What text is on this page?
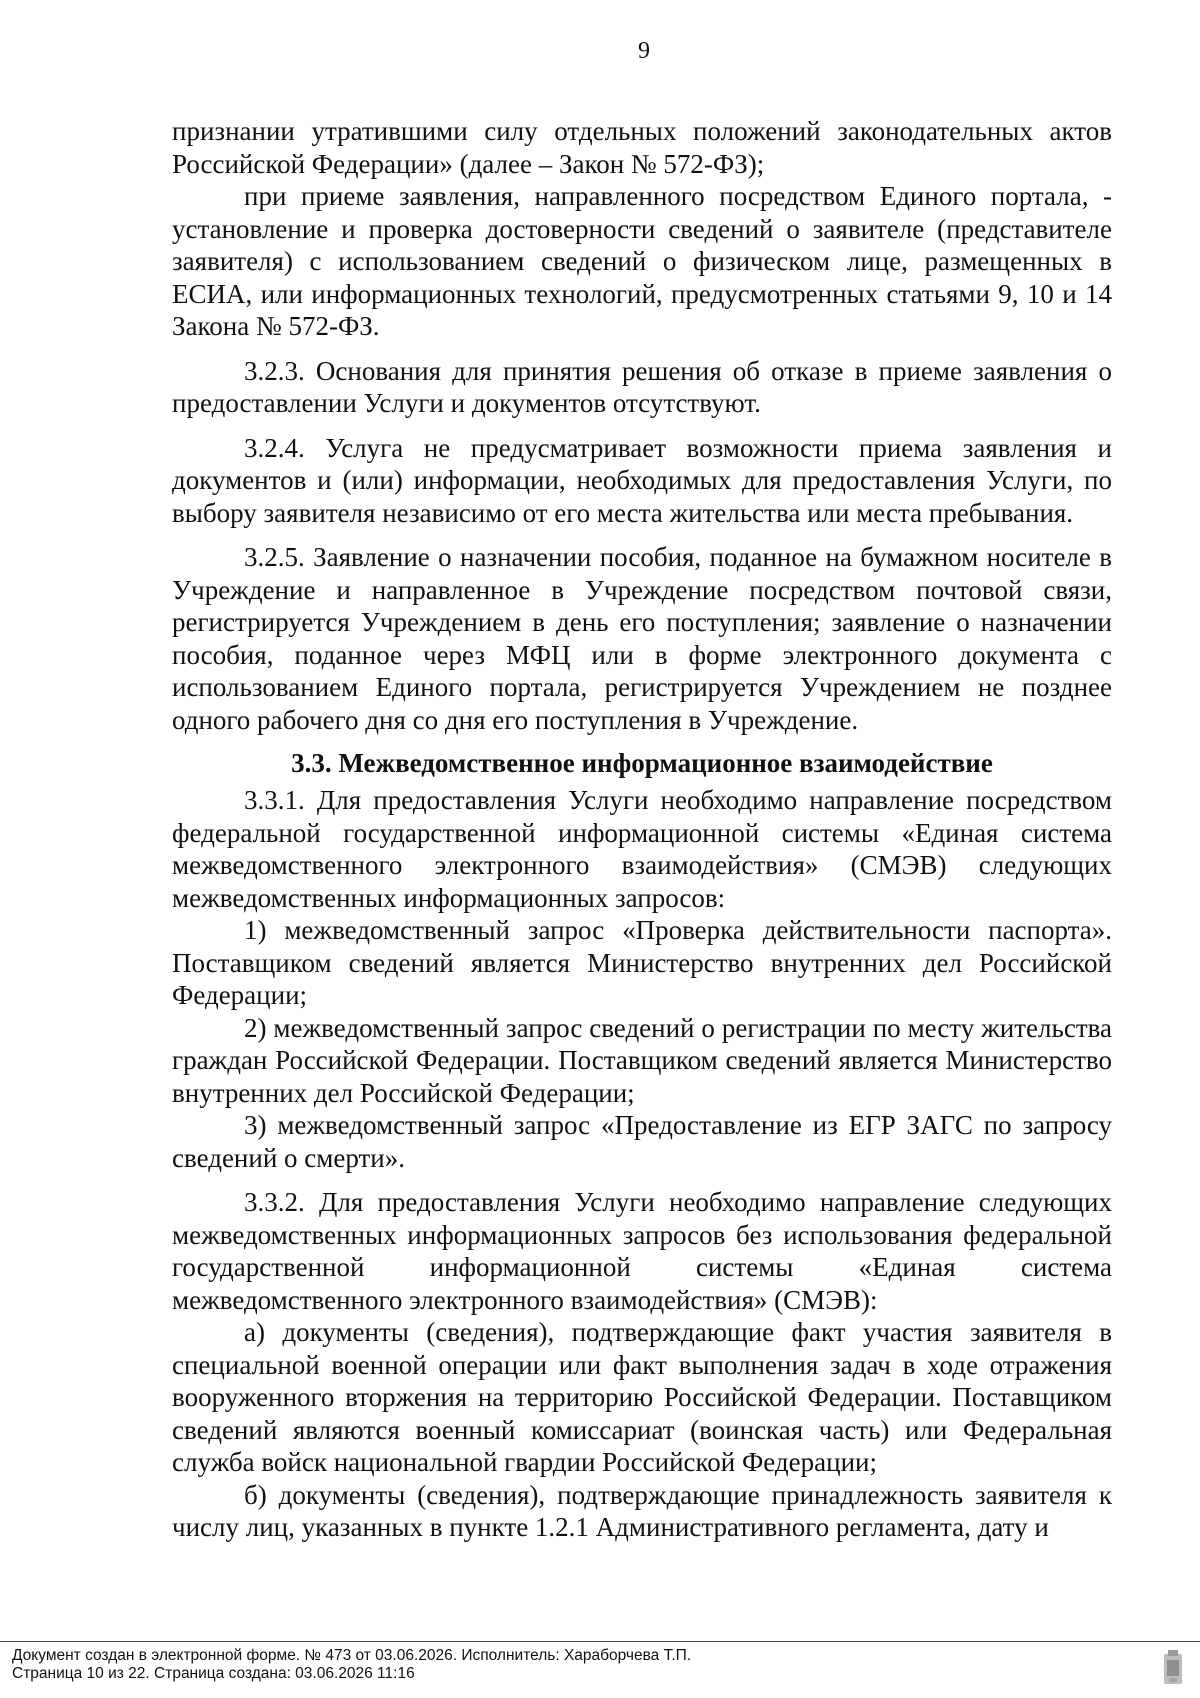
9

признании утратившими силу отдельных положений законодательных актов Российской Федерации» (далее – Закон № 572-ФЗ);

при приеме заявления, направленного посредством Единого портала, - установление и проверка достоверности сведений о заявителе (представителе заявителя) с использованием сведений о физическом лице, размещенных в ЕСИА, или информационных технологий, предусмотренных статьями 9, 10 и 14 Закона № 572-ФЗ.

3.2.3. Основания для принятия решения об отказе в приеме заявления о предоставлении Услуги и документов отсутствуют.

3.2.4. Услуга не предусматривает возможности приема заявления и документов и (или) информации, необходимых для предоставления Услуги, по выбору заявителя независимо от его места жительства или места пребывания.

3.2.5. Заявление о назначении пособия, поданное на бумажном носителе в Учреждение и направленное в Учреждение посредством почтовой связи, регистрируется Учреждением в день его поступления; заявление о назначении пособия, поданное через МФЦ или в форме электронного документа с использованием Единого портала, регистрируется Учреждением не позднее одного рабочего дня со дня его поступления в Учреждение.

3.3. Межведомственное информационное взаимодействие

3.3.1. Для предоставления Услуги необходимо направление посредством федеральной государственной информационной системы «Единая система межведомственного электронного взаимодействия» (СМЭВ) следующих межведомственных информационных запросов:

1) межведомственный запрос «Проверка действительности паспорта». Поставщиком сведений является Министерство внутренних дел Российской Федерации;

2) межведомственный запрос сведений о регистрации по месту жительства граждан Российской Федерации. Поставщиком сведений является Министерство внутренних дел Российской Федерации;

3) межведомственный запрос «Предоставление из ЕГР ЗАГС по запросу сведений о смерти».

3.3.2. Для предоставления Услуги необходимо направление следующих межведомственных информационных запросов без использования федеральной государственной информационной системы «Единая система межведомственного электронного взаимодействия» (СМЭВ):

а) документы (сведения), подтверждающие факт участия заявителя в специальной военной операции или факт выполнения задач в ходе отражения вооруженного вторжения на территорию Российской Федерации. Поставщиком сведений являются военный комиссариат (воинская часть) или Федеральная служба войск национальной гвардии Российской Федерации;

б) документы (сведения), подтверждающие принадлежность заявителя к числу лиц, указанных в пункте 1.2.1 Административного регламента, дату и

Документ создан в электронной форме. № 473 от 03.06.2026. Исполнитель: Хараборчева Т.П.
Страница 10 из 22. Страница создана: 03.06.2026 11:16
